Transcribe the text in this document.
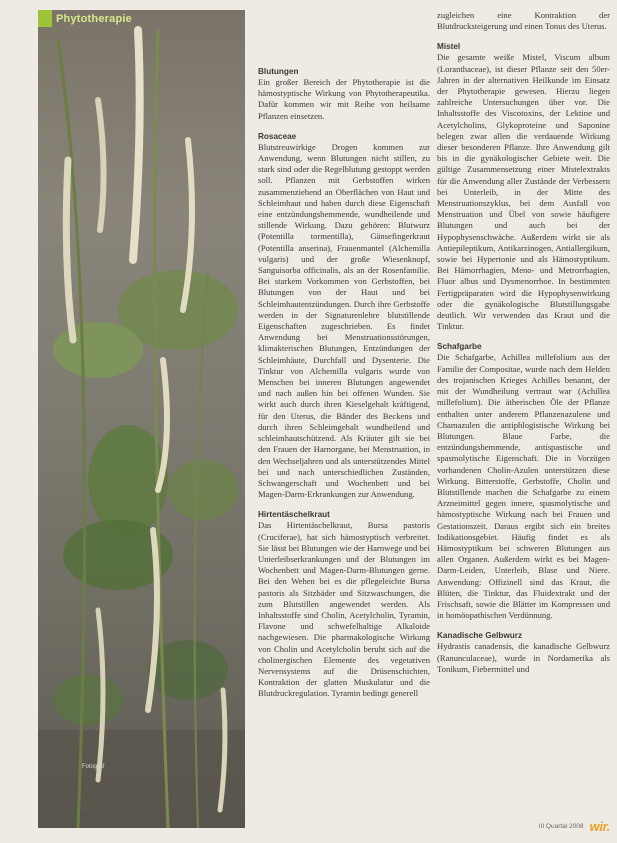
Phytotherapie
Fotograf
Blutungen

Ein großer Bereich der Phytotherapie ist die hämostyptische Wirkung von Phytotherapeutika. Dafür kommen wir mit Reihe von heilsame Pflanzen einsetzen.

Rosaceae

Blutstreuwirkige Drogen kommen zur Anwendung, wenn Blutungen nicht stillen, zu stark sind oder die Regelblutung gestoppt werden soll. Pflanzen mit Gerbstoffen wirken zusammenziehend an Oberflächen von Haut und Schleimhaut und haben durch diese Eigenschaft eine entzündungshemmende, wundheilende und stillende Wirkung. Dazu gehören: Blutwurz (Potentilla tormentilla), Gänsefingerkraut (Potentilla anserina), Frauenmantel (Alchemilla vulgaris) und der große Wiesenknopf, Sanguisorba officinalis, als an der Rosenfamilie. Bei starkem Vorkommen von Gerbstoffen, bei Blutungen von der Haut und bei Schleimhautentzündungen. Durch ihre Gerbstoffe werden in der Signaturenlehre blutstillende Eigenschaften zugeschrieben. Es findet Anwendung bei Menstruationsstörungen, klimakterischen Blutungen, Entzündungen der Schleimhäute, Durchfall und Dysenterie. Die Tinktur von Alchemilla vulgaris wurde von Menschen bei inneren Blutungen angewendet und nach außen hin bei offenen Wunden. Sie wirkt auch durch ihren Kieselgehalt kräftigend, für den Uterus, die Bänder des Beckens und durch ihren Schleimgehalt wundheilend und schleimhautschützend. Als Kräuter gilt sie bei den Frauen der Harnorgane, bei Menstruation, in den Wechseljahren und als unterstützendes Mittel bei und nach unterschiedlichen Zuständen, Schwangerschaft und Wochenbett und bei Magen-Darm-Erkrankungen zur Anwendung.

Hirtentäschelkraut

Das Hirtentäschelkraut, Bursa pastoris (Cruciferae), hat sich hämostyptisch verbreitet. Sie lässt bei Blutungen wie der Harnwege und bei Unterleibserkrankungen und der Blutungen im Wochenbett und Magen-Darm-Blutungen gerne. Bei den Wehen bei es die pflegeleichte Bursa pastoris als Sitzbäder und Sitzwaschungen, die zum Blutstillen angewendet werden. Als Inhaltsstoffe sind Cholin, Acetylcholin, Tyramin, Flavone und schwefelhaltige Alkaloide nachgewiesen. Die pharmakologische Wirkung von Cholin und Acetylcholin beruht sich auf die cholinergischen Elemente des vegetativen Nervensystems auf die Drüsenschichten, Kontraktion der glatten Muskulatur und die Blutdruckregulation. Tyramin bedingt generell

zugleichen eine Kontraktion der Blutdrucksteigerung und einen Tonus des Uterus.

Mistel

Die gesamte weiße Mistel, Viscum album (Loranthaceae), ist dieser Pflanze seit den 50er-Jahren in der alternativen Heilkunde im Einsatz der Phytotherapie gewesen. Hierzu liegen zahlreiche Untersuchungen über vor. Die Inhaltsstoffe des Viscotoxins, der Lektine und Acetylcholins, Glykoproteine und Saponine belegen zwar allen die verdauende Wirkung dieser besonderen Pflanze. Ihre Anwendung gilt bis in die gynäkologischer Gebiete weit. Die gültige Zusammensetzung einer Mistelextrakts für die Anwendung aller Zustände der Verbessern bei Unterleib, in der Mitte des Menstruationszyklus, bei dem Ausfall von Menstruation und Übel von sowie häufigere Blutungen und auch bei der Hypophysenschwäche. Außerdem wirkt sie als Antiepileptikum, Antikarzinogen, Antiallergikum, sowie bei Hypertonie und als Hämostyptikum. Bei Hämorrhagien, Meno- und Metrorrhagien, Fluor albus und Dysmenorrhoe. In bestimmten Fertigpräparaten wird die Hypophysenwirkung oder die gynäkologische Blutstillungsgabe deutlich. Wir verwenden das Kraut und die Tinktur.

Schafgarbe

Die Schafgarbe, Achillea millefolium aus der Familie der Compositae, wurde nach dem Helden des trojanischen Krieges Achilles benannt, der mit der Wundheilung vertraut war (Achillea millefolium). Die ätherischen Öle der Pflanze enthalten unter anderem Pflanzenazulene und Chamazulen die antiphlogistische Wirkung bei Blutungen. Blaue Farbe, die entzündungshemmende, antispastische und spasmolytische Eigenschaft. Die in Vorzügen vorhandenen Cholin-Azulen unterstützen diese Wirkung. Bitterstoffe, Gerbstoffe, Cholin und Blutstillende machen die Schafgarbe zu einem Arzneimittel gegen innere, spasmolytische und hämostyptische Wirkung nach bei Frauen und Gestationszeit. Daraus ergibt sich ein breites Indikationsgebiet. Häufig findet es als Hämostyptikum bei schweren Blutungen aus allen Organen. Außerdem wirkt es bei Magen-Darm-Leiden, Unterleib, Blase und Niere. Anwendung: Offizinell sind das Kraut, die Blüten, die Tinktur, das Fluidextrakt und der Frischsaft, sowie die Blätter im Kompressen und in homöopathischen Verdünnung.

Kanadische Gelbwurz

Hydrastis canadensis, die kanadische Gelbwurz (Ranunculaceae), wurde in Nordamerika als Tonikum, Fiebermittel und

III Quartal 2008 wir.
